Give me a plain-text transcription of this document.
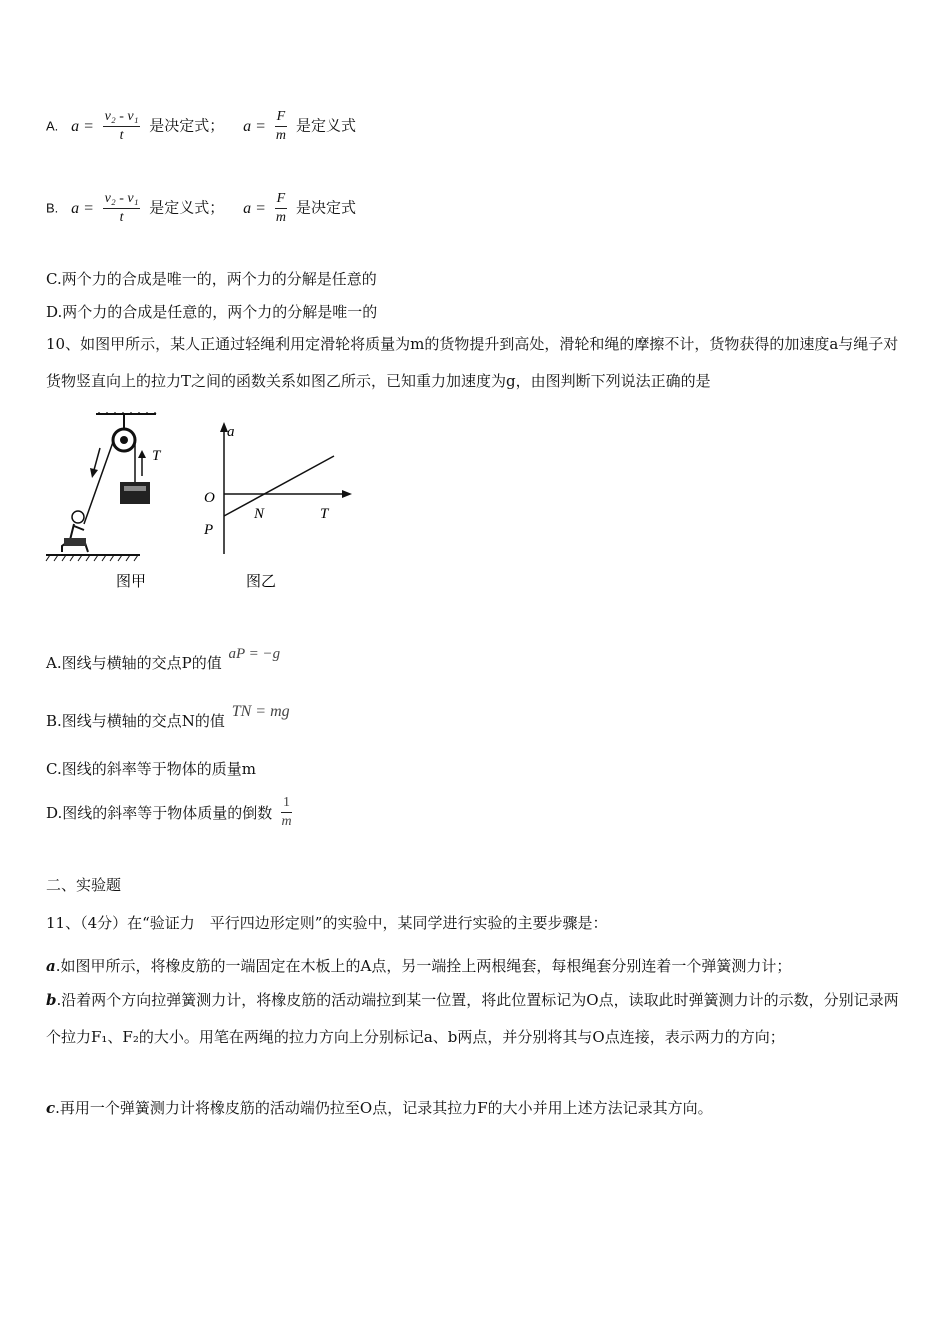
A. $a = \frac{\text{v₂ - v₁}}{t}$ 是决定式； $a = \frac{F}{m}$ 是定义式
B. $a = \frac{\text{v₂ - v₁}}{t}$ 是定义式； $a = \frac{F}{m}$ 是决定式
C.两个力的合成是唯一的，两个力的分解是任意的
D.两个力的合成是任意的，两个力的分解是唯一的
10、如图甲所示，某人正通过轻绳利用定滑轮将质量为m的货物提升到高处，滑轮和绳的摩擦不计，货物获得的加速度a与绳子对货物竖直向上的拉力T之间的函数关系如图乙所示，已知重力加速度为g，由图判断下列说法正确的是
T
图甲
a
T
O
P
N
图乙
A.图线与横轴的交点P的值 aP = −g
B.图线与横轴的交点N的值 TN = mg
C.图线的斜率等于物体的质量m
D.图线的斜率等于物体质量的倒数 $\frac{1}{m}$
二、实验题
11、（4分）在“验证力　平行四边形定则”的实验中，某同学进行实验的主要步骤是：
a.如图甲所示，将橡皮筋的一端固定在木板上的A点，另一端拴上两根绳套，每根绳套分别连着一个弹簧测力计；
b.沿着两个方向拉弹簧测力计，将橡皮筋的活动端拉到某一位置，将此位置标记为O点，读取此时弹簧测力计的示数，分别记录两个拉力F₁、F₂的大小。用笔在两绳的拉力方向上分别标记a、b两点，并分别将其与O点连接，表示两力的方向；
c.再用一个弹簧测力计将橡皮筋的活动端仍拉至O点，记录其拉力F的大小并用上述方法记录其方向。
